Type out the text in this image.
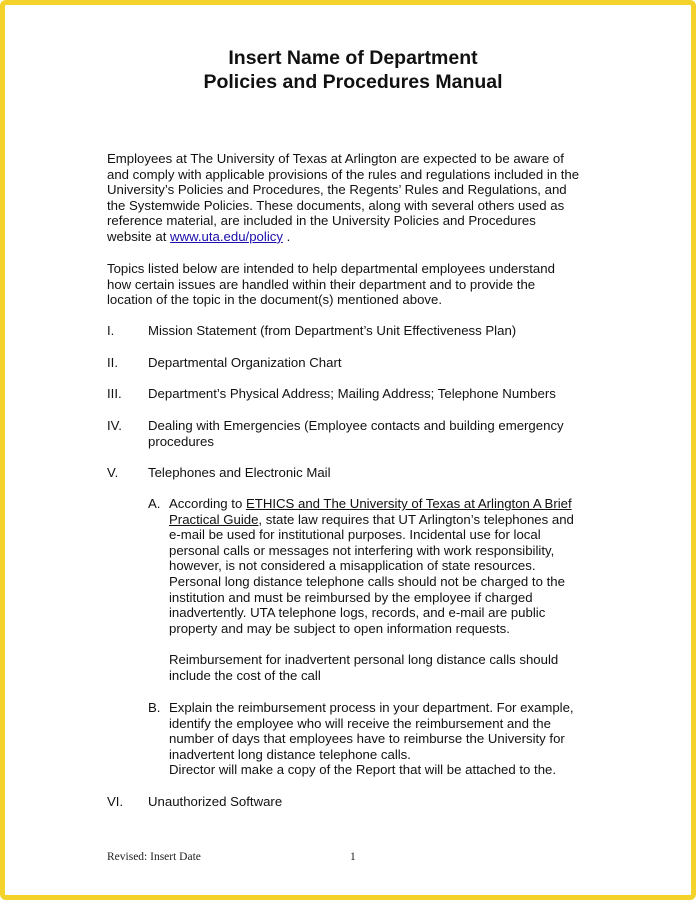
Insert Name of Department
Policies and Procedures Manual
Employees at The University of Texas at Arlington are expected to be aware of
and comply with applicable provisions of the rules and regulations included in the
University’s Policies and Procedures, the Regents’ Rules and Regulations, and
the Systemwide Policies. These documents, along with several others used as
reference material, are included in the University Policies and Procedures
website at www.uta.edu/policy .
Topics listed below are intended to help departmental employees understand
how certain issues are handled within their department and to provide the
location of the topic in the document(s) mentioned above.
I.	Mission Statement (from Department’s Unit Effectiveness Plan)
II. Departmental Organization Chart
III. Department’s Physical Address; Mailing Address; Telephone Numbers
IV. Dealing with Emergencies (Employee contacts and building emergency
procedures
V. Telephones and Electronic Mail
A. According to ETHICS and The University of Texas at Arlington A Brief
Practical Guide, state law requires that UT Arlington’s telephones and
e-mail be used for institutional purposes. Incidental use for local
personal calls or messages not interfering with work responsibility,
however, is not considered a misapplication of state resources.
Personal long distance telephone calls should not be charged to the
institution and must be reimbursed by the employee if charged
inadvertently. UTA telephone logs, records, and e-mail are public
property and may be subject to open information requests.

Reimbursement for inadvertent personal long distance calls should
include the cost of the call
B. Explain the reimbursement process in your department. For example,
identify the employee who will receive the reimbursement and the
number of days that employees have to reimburse the University for
inadvertent long distance telephone calls.
Director will make a copy of the Report that will be attached to the.
VI. Unauthorized Software
Revised: Insert Date	1
